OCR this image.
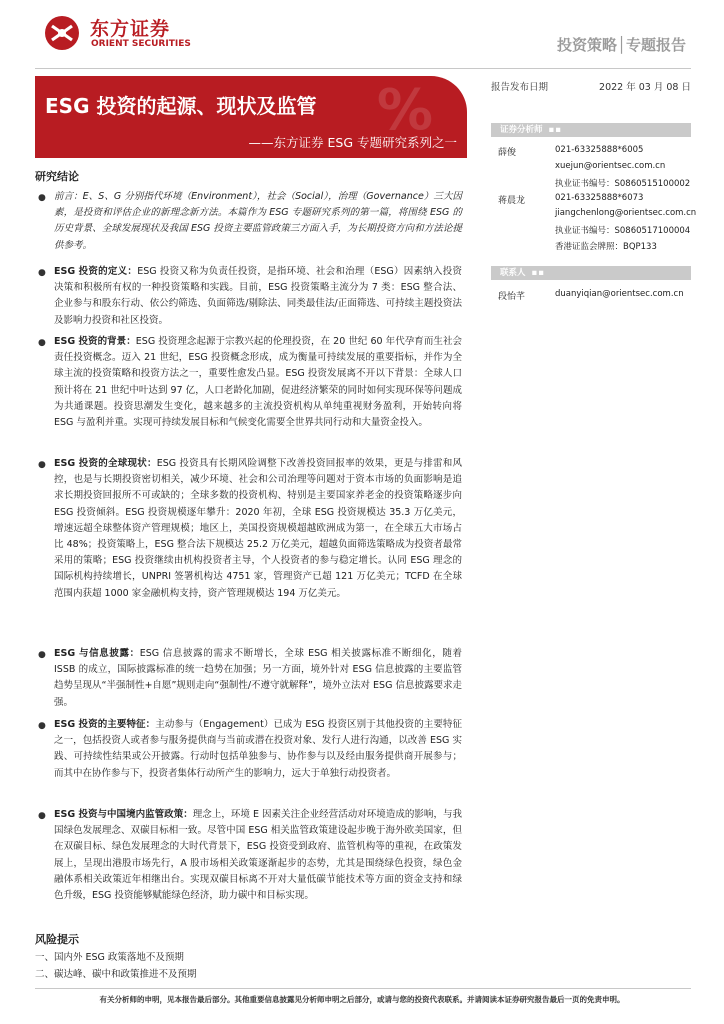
东方证券
ORIENT SECURITIES	投资策略│专题报告
%
ESG 投资的起源、现状及监管
——东方证券 ESG 专题研究系列之一
报告发布日期	2022 年 03 月 08 日
证券分析师 ▪▪
薛俊	021-63325888*6005
xuejun@orientsec.com.cn
执业证书编号：S0860515100002
蒋晨龙	021-63325888*6073
jiangchenlong@orientsec.com.cn
执业证书编号：S0860517100004
香港证监会牌照：BQP133
联系人 ▪▪
段怡芊	duanyiqian@orientsec.com.cn
研究结论
● 前言：E、S、G 分别指代环境（Environment），社会（Social），治理（Governance）三大因素，是投资和评估企业的新理念新方法。本篇作为 ESG 专题研究系列的第一篇，将围绕 ESG 的历史背景、全球发展现状及我国 ESG 投资主要监管政策三方面入手，为长期投资方向和方法论提供参考。
● ESG 投资的定义：ESG 投资又称为负责任投资，是指环境、社会和治理（ESG）因素纳入投资决策和积极所有权的一种投资策略和实践。目前，ESG 投资策略主流分为 7 类：ESG 整合法、企业参与和股东行动、依公约筛选、负面筛选/剔除法、同类最佳法/正面筛选、可持续主题投资法及影响力投资和社区投资。
● ESG 投资的背景：ESG 投资理念起源于宗教兴起的伦理投资，在 20 世纪 60 年代孕育而生社会责任投资概念。迈入 21 世纪，ESG 投资概念形成，成为衡量可持续发展的重要指标，并作为全球主流的投资策略和投资方法之一，重要性愈发凸显。ESG 投资发展离不开以下背景：全球人口预计将在 21 世纪中叶达到 97 亿，人口老龄化加剧，促进经济繁荣的同时如何实现环保等问题成为共通课题。投资思潮发生变化，越来越多的主流投资机构从单纯重视财务盈利，开始转向将 ESG 与盈利并重。实现可持续发展目标和气候变化需要全世界共同行动和大量资金投入。
● ESG 投资的全球现状：ESG 投资具有长期风险调整下改善投资回报率的效果，更是与排雷和风控，也是与长期投资密切相关，减少环境、社会和公司治理等问题对于资本市场的负面影响是追求长期投资回报所不可或缺的；全球多数的投资机构、特别是主要国家养老金的投资策略逐步向 ESG 投资倾斜。ESG 投资规模逐年攀升：2020 年初，全球 ESG 投资规模达 35.3 万亿美元，增速远超全球整体资产管理规模；地区上，美国投资规模超越欧洲成为第一，在全球五大市场占比 48%；投资策略上，ESG 整合法下规模达 25.2 万亿美元，超越负面筛选策略成为投资者最常采用的策略；ESG 投资继续由机构投资者主导，个人投资者的参与稳定增长。认同 ESG 理念的国际机构持续增长，UNPRI 签署机构达 4751 家，管理资产已超 121 万亿美元；TCFD 在全球范围内获超 1000 家金融机构支持，资产管理规模达 194 万亿美元。
● ESG 与信息披露：ESG 信息披露的需求不断增长，全球 ESG 相关披露标准不断细化，随着 ISSB 的成立，国际披露标准的统一趋势在加强；另一方面，境外针对 ESG 信息披露的主要监管趋势呈现从“半强制性+自愿”规则走向“强制性/不遵守就解释”，境外立法对 ESG 信息披露要求走强。
● ESG 投资的主要特征：主动参与（Engagement）已成为 ESG 投资区别于其他投资的主要特征之一，包括投资人或者参与服务提供商与当前或潜在投资对象、发行人进行沟通，以改善 ESG 实践、可持续性结果或公开披露。行动时包括单独参与、协作参与以及经由服务提供商开展参与；而其中在协作参与下，投资者集体行动所产生的影响力，远大于单独行动投资者。
● ESG 投资与中国境内监管政策：理念上，环境 E 因素关注企业经营活动对环境造成的影响，与我国绿色发展理念、双碳目标相一致。尽管中国 ESG 相关监管政策建设起步晚于海外欧美国家，但在双碳目标、绿色发展理念的大时代背景下，ESG 投资受到政府、监管机构等的重视，在政策发展上，呈现出港股市场先行，A 股市场相关政策逐渐起步的态势，尤其是围绕绿色投资，绿色金融体系相关政策近年相继出台。实现双碳目标离不开对大量低碳节能技术等方面的资金支持和绿色升级，ESG 投资能够赋能绿色经济，助力碳中和目标实现。
风险提示
一、国内外 ESG 政策落地不及预期
二、碳达峰、碳中和政策推进不及预期
有关分析师的申明，见本报告最后部分。其他重要信息披露见分析师申明之后部分，或请与您的投资代表联系。并请阅读本证券研究报告最后一页的免责申明。
